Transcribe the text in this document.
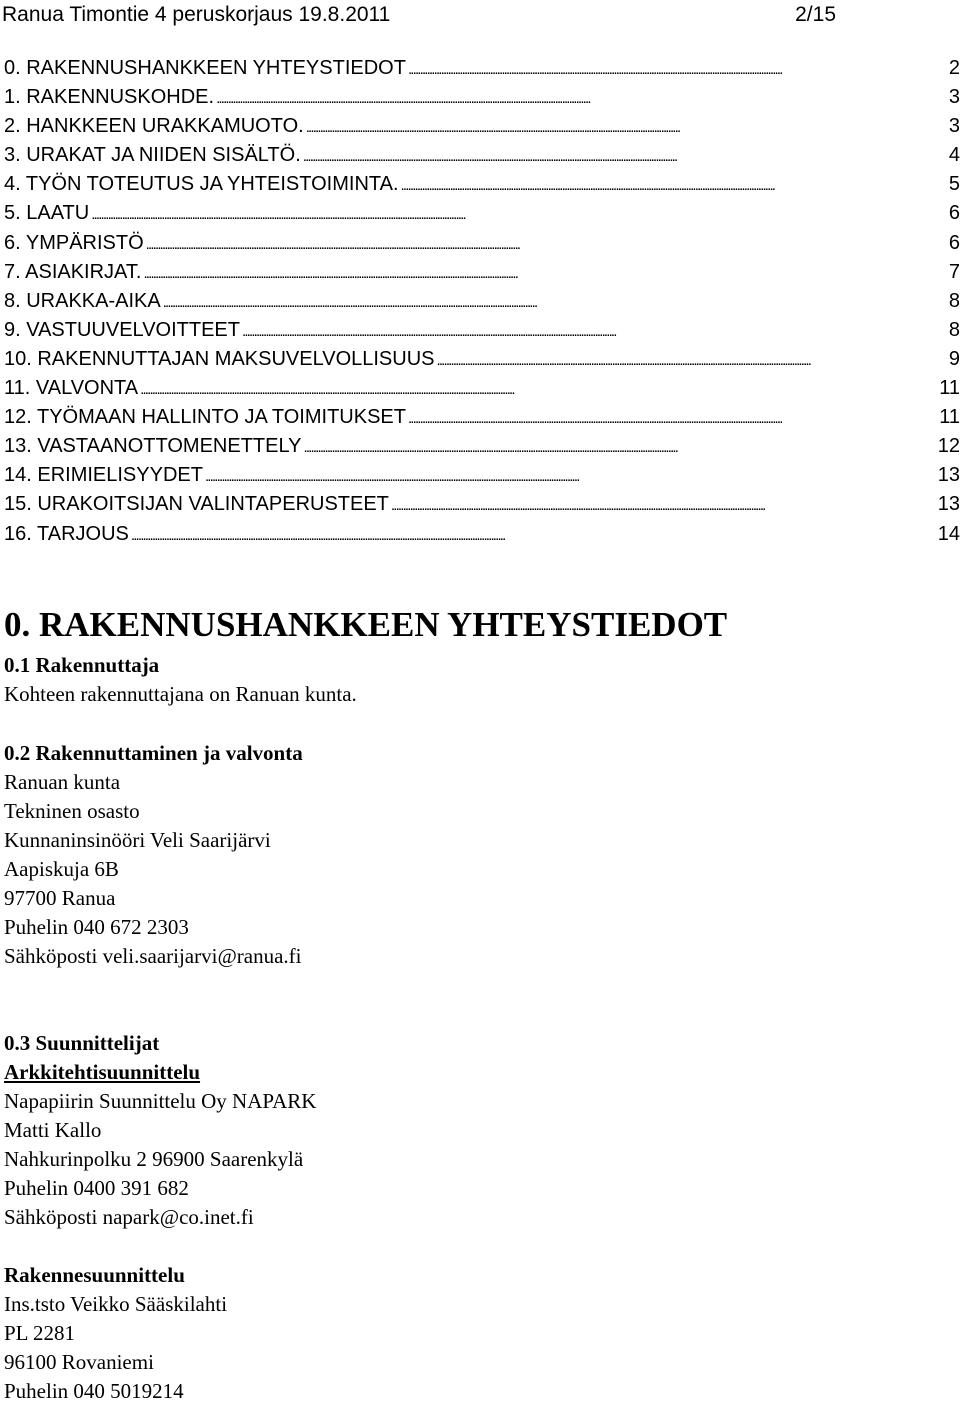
Ranua Timontie 4 peruskorjaus 19.8.2011	2/15
0. RAKENNUSHANKKEEN YHTEYSTIEDOT . . .	2
1. RAKENNUSKOHDE. . . .	3
2. HANKKEEN URAKKAMUOTO. . . .	3
3. URAKAT JA NIIDEN SISÄLTÖ. . . .	4
4. TYÖN TOTEUTUS JA YHTEISTOIMINTA. . . .	5
5. LAATU . . .	6
6. YMPÄRISTÖ . . .	6
7. ASIAKIRJAT. . . .	7
8. URAKKA-AIKA . . .	8
9. VASTUUVELVOITTEET . . .	8
10. RAKENNUTTAJAN MAKSUVELVOLLISUUS . . .	9
11. VALVONTA . . .	11
12. TYÖMAAN HALLINTO JA TOIMITUKSET . . .	11
13. VASTAANOTTOMENETTELY . . .	12
14. ERIMIELISYYDET . . .	13
15. URAKOITSIJAN VALINTAPERUSTEET . . .	13
16. TARJOUS . . .	14
0. RAKENNUSHANKKEEN YHTEYSTIEDOT
0.1 Rakennuttaja
Kohteen rakennuttajana on Ranuan kunta.
0.2 Rakennuttaminen ja valvonta
Ranuan kunta
Tekninen osasto
Kunnaninsinööri Veli Saarijärvi
Aapiskuja 6B
97700 Ranua
Puhelin 040 672 2303
Sähköposti veli.saarijarvi@ranua.fi
0.3 Suunnittelijat
Arkkitehtisuunnittelu
Napapiirin Suunnittelu Oy NAPARK
Matti Kallo
Nahkurinpolku 2 96900 Saarenkylä
Puhelin 0400 391 682
Sähköposti napark@co.inet.fi
Rakennesuunnittelu
Ins.tsto Veikko Sääskilahti
PL 2281
96100 Rovaniemi
Puhelin 040 5019214
